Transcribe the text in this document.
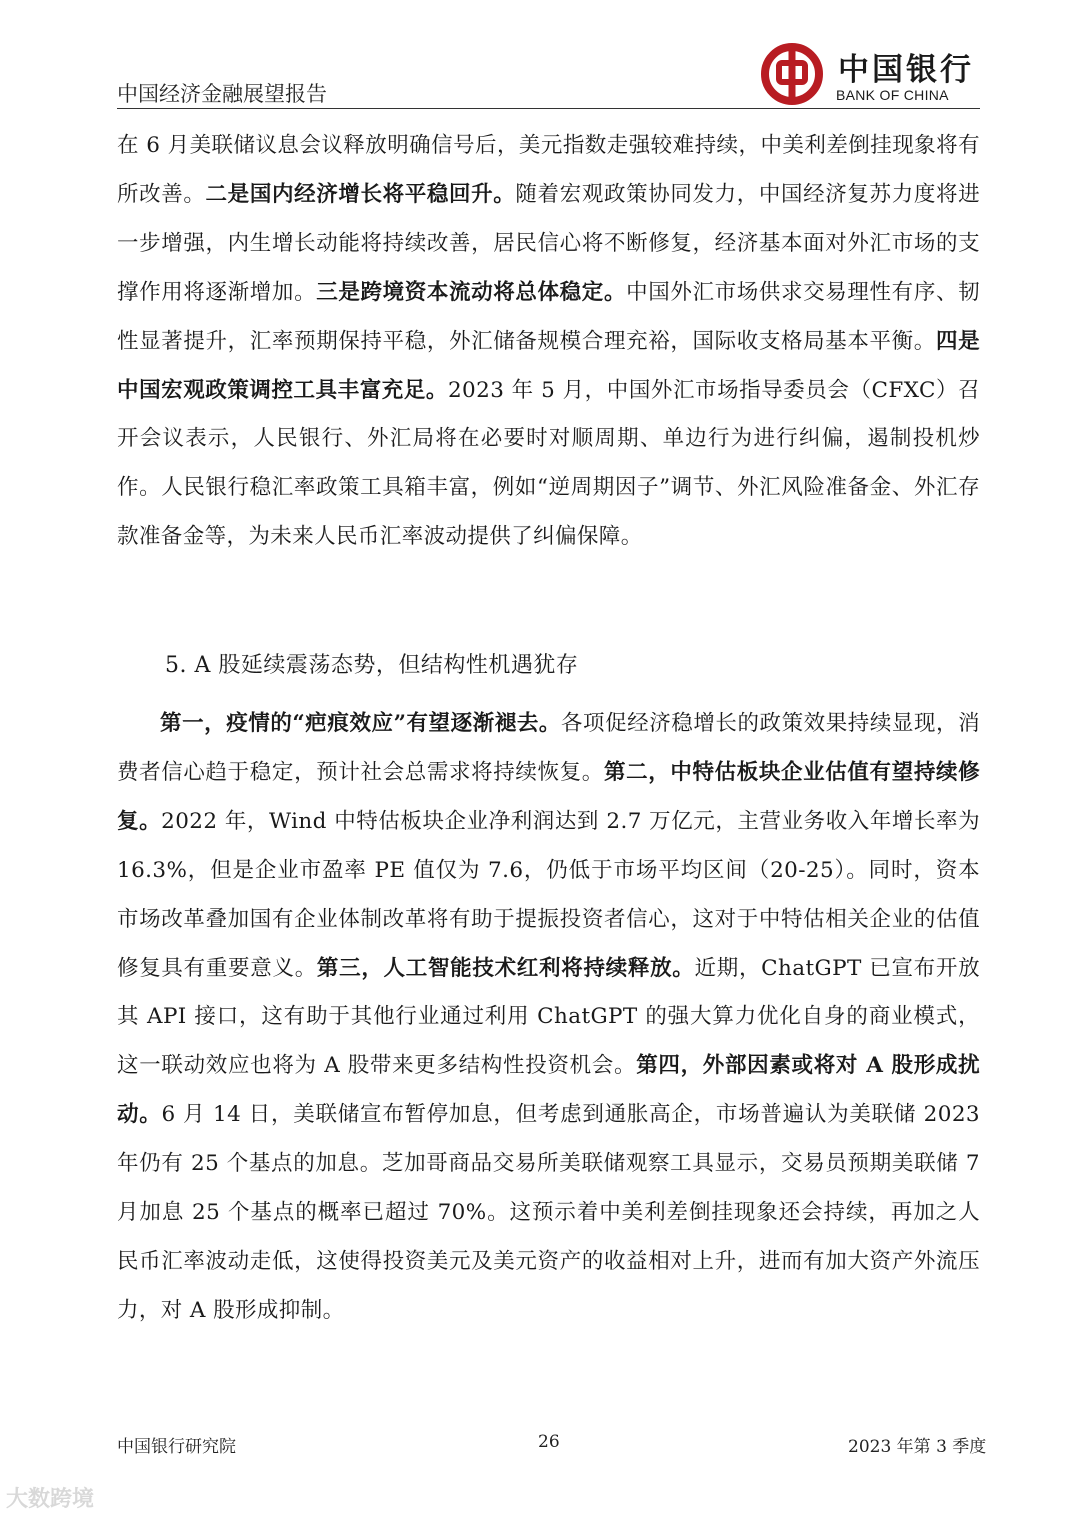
中国经济金融展望报告
中国银行
BANK OF CHINA

在 6 月美联储议息会议释放明确信号后，美元指数走强较难持续，中美利差倒挂现象将有所改善。二是国内经济增长将平稳回升。随着宏观政策协同发力，中国经济复苏力度将进一步增强，内生增长动能将持续改善，居民信心将不断修复，经济基本面对外汇市场的支撑作用将逐渐增加。三是跨境资本流动将总体稳定。中国外汇市场供求交易理性有序、韧性显著提升，汇率预期保持平稳，外汇储备规模合理充裕，国际收支格局基本平衡。四是中国宏观政策调控工具丰富充足。2023 年 5 月，中国外汇市场指导委员会（CFXC）召开会议表示，人民银行、外汇局将在必要时对顺周期、单边行为进行纠偏，遏制投机炒作。人民银行稳汇率政策工具箱丰富，例如“逆周期因子”调节、外汇风险准备金、外汇存款准备金等，为未来人民币汇率波动提供了纠偏保障。

5. A 股延续震荡态势，但结构性机遇犹存

第一，疫情的“疤痕效应”有望逐渐褪去。各项促经济稳增长的政策效果持续显现，消费者信心趋于稳定，预计社会总需求将持续恢复。第二，中特估板块企业估值有望持续修复。2022 年，Wind 中特估板块企业净利润达到 2.7 万亿元，主营业务收入年增长率为 16.3%，但是企业市盈率 PE 值仅为 7.6，仍低于市场平均区间（20-25）。同时，资本市场改革叠加国有企业体制改革将有助于提振投资者信心，这对于中特估相关企业的估值修复具有重要意义。第三，人工智能技术红利将持续释放。近期，ChatGPT 已宣布开放其 API 接口，这有助于其他行业通过利用 ChatGPT 的强大算力优化自身的商业模式，这一联动效应也将为 A 股带来更多结构性投资机会。第四，外部因素或将对 A 股形成扰动。6 月 14 日，美联储宣布暂停加息，但考虑到通胀高企，市场普遍认为美联储 2023 年仍有 25 个基点的加息。芝加哥商品交易所美联储观察工具显示，交易员预期美联储 7 月加息 25 个基点的概率已超过 70%。这预示着中美利差倒挂现象还会持续，再加之人民币汇率波动走低，这使得投资美元及美元资产的收益相对上升，进而有加大资产外流压力，对 A 股形成抑制。

中国银行研究院	26	2023 年第 3 季度
大数跨境
